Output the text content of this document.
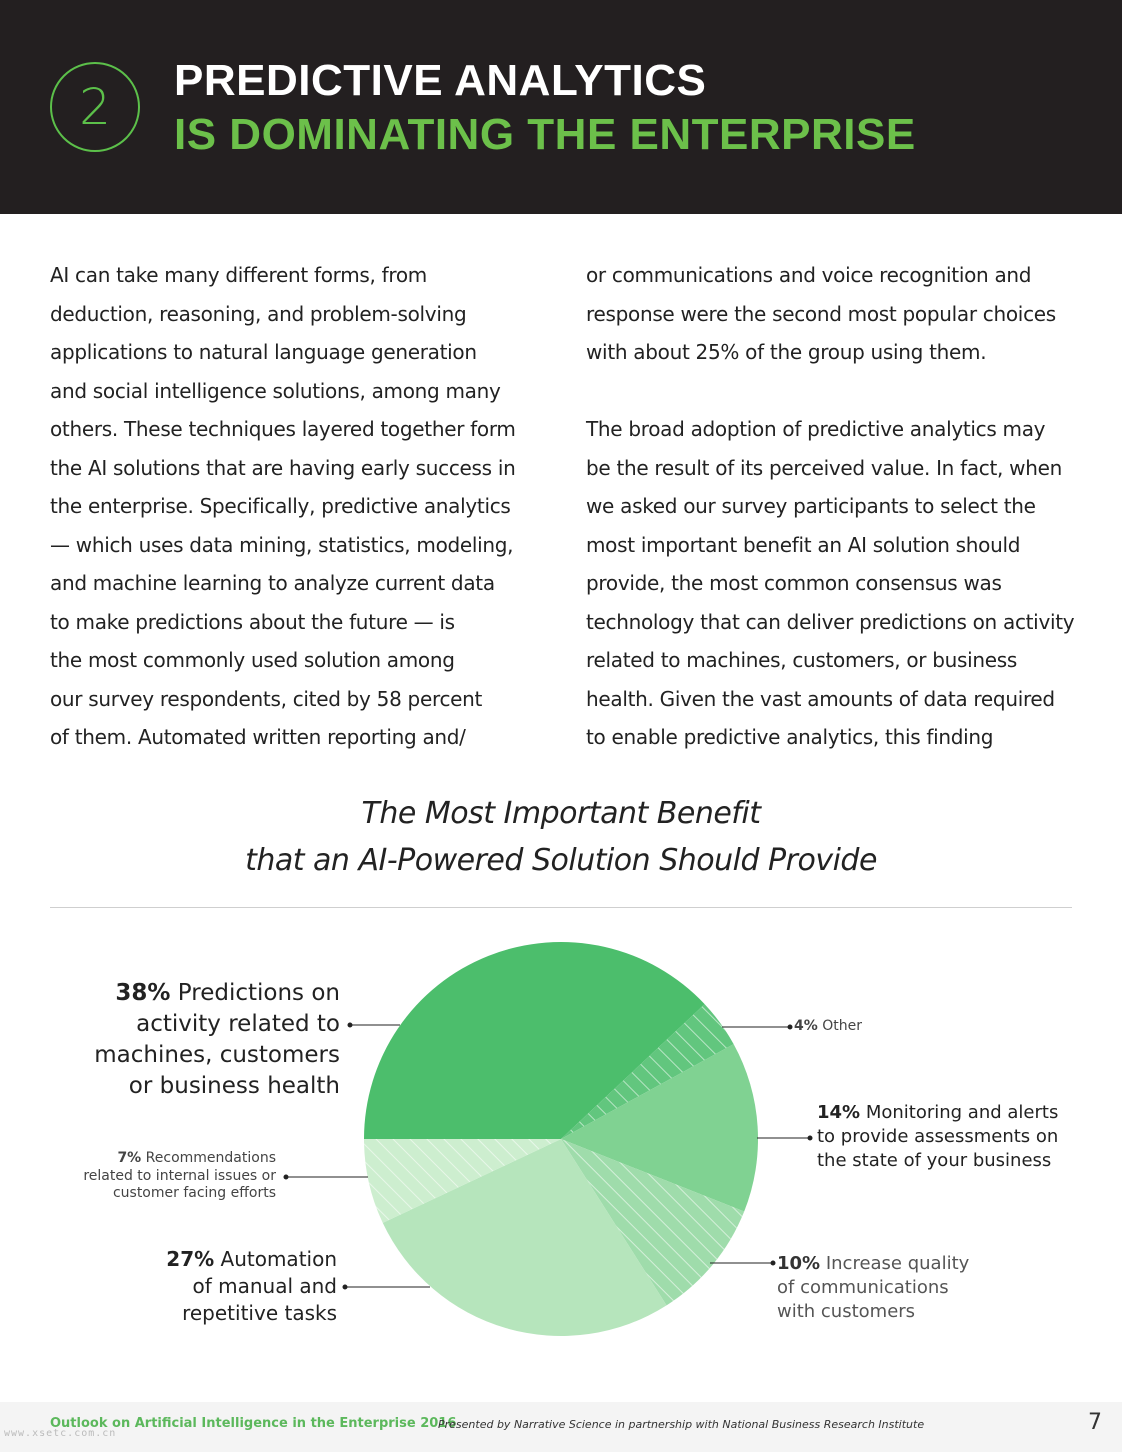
2	PREDICTIVE ANALYTICS
IS DOMINATING THE ENTERPRISE
AI can take many different forms, from
deduction, reasoning, and problem-solving
applications to natural language generation
and social intelligence solutions, among many
others. These techniques layered together form
the AI solutions that are having early success in
the enterprise. Specifically, predictive analytics
— which uses data mining, statistics, modeling,
and machine learning to analyze current data
to make predictions about the future — is
the most commonly used solution among
our survey respondents, cited by 58 percent
of them. Automated written reporting and/
or communications and voice recognition and
response were the second most popular choices
with about 25% of the group using them.
The broad adoption of predictive analytics may
be the result of its perceived value. In fact, when
we asked our survey participants to select the
most important benefit an AI solution should
provide, the most common consensus was
technology that can deliver predictions on activity
related to machines, customers, or business
health. Given the vast amounts of data required
to enable predictive analytics, this finding
The Most Important Benefit
that an AI-Powered Solution Should Provide
38% Predictions on
activity related to
machines, customers
or business health
4% Other
14% Monitoring and alerts
to provide assessments on
the state of your business
7% Recommendations
related to internal issues or
customer facing efforts
10% Increase quality
of communications
with customers
27% Automation
of manual and
repetitive tasks
Outlook on Artificial Intelligence in the Enterprise 2016
Presented by Narrative Science in partnership with National Business Research Institute	7
www.xsetc.com.cn
